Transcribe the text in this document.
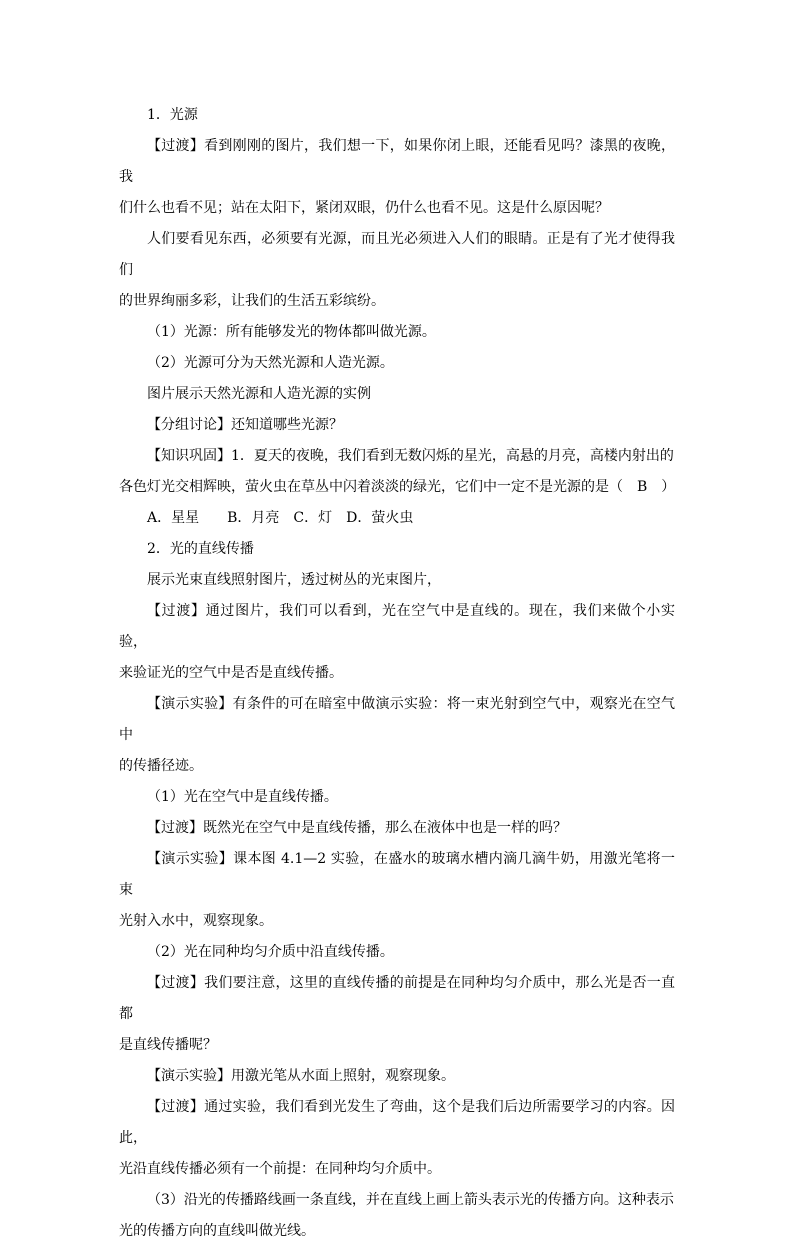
1．光源

【过渡】看到刚刚的图片，我们想一下，如果你闭上眼，还能看见吗？漆黑的夜晚，我
们什么也看不见；站在太阳下，紧闭双眼，仍什么也看不见。这是什么原因呢？

人们要看见东西，必须要有光源，而且光必须进入人们的眼睛。正是有了光才使得我们
的世界绚丽多彩，让我们的生活五彩缤纷。

（1）光源：所有能够发光的物体都叫做光源。

（2）光源可分为天然光源和人造光源。

图片展示天然光源和人造光源的实例

【分组讨论】还知道哪些光源？

【知识巩固】1．夏天的夜晚，我们看到无数闪烁的星光，高悬的月亮，高楼内射出的
各色灯光交相辉映，萤火虫在草丛中闪着淡淡的绿光，它们中一定不是光源的是（　B　）

A．星星　　B．月亮　C．灯　D．萤火虫

2．光的直线传播

展示光束直线照射图片，透过树丛的光束图片，

【过渡】通过图片，我们可以看到，光在空气中是直线的。现在，我们来做个小实验，
来验证光的空气中是否是直线传播。

【演示实验】有条件的可在暗室中做演示实验：将一束光射到空气中，观察光在空气中
的传播径迹。

（1）光在空气中是直线传播。

【过渡】既然光在空气中是直线传播，那么在液体中也是一样的吗？

【演示实验】课本图 4.1—2 实验，在盛水的玻璃水槽内滴几滴牛奶，用激光笔将一束
光射入水中，观察现象。

（2）光在同种均匀介质中沿直线传播。

【过渡】我们要注意，这里的直线传播的前提是在同种均匀介质中，那么光是否一直都
是直线传播呢？

【演示实验】用激光笔从水面上照射，观察现象。

【过渡】通过实验，我们看到光发生了弯曲，这个是我们后边所需要学习的内容。因此，
光沿直线传播必须有一个前提：在同种均匀介质中。

（3）沿光的传播路线画一条直线，并在直线上画上箭头表示光的传播方向。这种表示
光的传播方向的直线叫做光线。
